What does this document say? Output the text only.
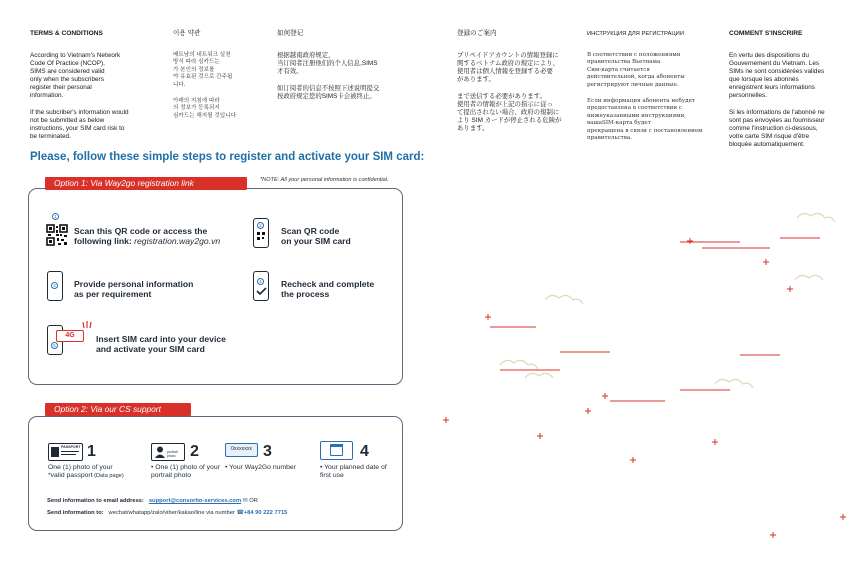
TERMS & CONDITIONS

According to Vietnam's Network
Code Of Practice (NCOP),
SIMS are considered valid
only when the subscribers
register their personal
information.

If the subcriber's information would
not be submitted as below
instructions, your SIM card risk to
be terminated.

이용 약관

베트남의 네트워크 실천
방식 따라 심카드는
가 본인의 정보를
야 유효된 것으로 간주됩
니다.

아래의 지침에 따라
의 정보가 등록되지
심카드는 해지될 것입니다

如何登记

根据越南政府规定，
当订阅者注册他们的个人信息,SIMS
才有效。

如订阅者的信息不按照下述说明提交
按政府规定您的SIMS卡会被终止。

登録のご案内

プリペイドアカウントの情報登録に
関するベトナム政府の規定により、
使用者は個人情報を登録する必要
があります。

まで送信する必要があります。
使用者の情報が上記の指示に従っ
て提出されない場合、政府の規制に
より SIM カードが停止される危険が
あります。

ИНСТРУКЦИЯ ДЛЯ РЕГИСТРАЦИИ

В соответствии с положениями
правительства Вьетнама
Сим-карта считается
действительной, когда абоненты
регистрируют личные данные.

Если информация абонента небудет
предоставлена в соответствии с
нижеуказанными инструкциями,
вашаSIM-карта будет
прекращена в связи с постановлением
правительства.

COMMENT S'INSCRIRE

En vertu des dispositions du
Gouvernement du Vietnam. Les
SIMs ne sont considérées valides
que lorsque les abonnés
enregistrent leurs informations
personnelles.

Si les informations de l'abonné ne
sont pas envoyées au fournisseur
comme l'instruction ci-dessous,
votre carte SIM risque d'être
bloquée automatiquement.

Please, follow these simple steps to register and activate your SIM card:
Option 1: Via Way2go registration link	*NOTE: All your personal information is confidential.
1
Scan this QR code or access the
following link: registration.way2go.vn
2
Scan QR code
on your SIM card
3 Provide personal information
as per requirement
4 Recheck and complete
the process
5
4G	Insert SIM card into your device
and activate your SIM card
Option 2: Via our CS support
PASSPORT 1
One (1) photo of your
*valid passport (Data page)
portrait photo 2
• One (1) photo of your
portrait photo
0xxxxxxx 3
• Your Way2Go number
4
• Your planned date of
first use
Send information to email address: support@consortio-services.com ✉ OR
Send information to: wechat/whatapp/zalo/viber/kakao/line via number ☎+84 90 222 7715
